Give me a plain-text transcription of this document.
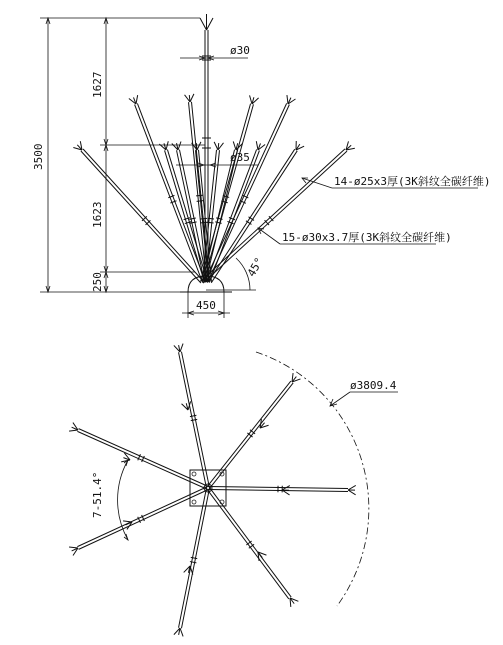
3500
1627
1623
250
450
ø30
ø35
45°
14-ø25x3厚(3K斜纹全碳纤维)
15-ø30x3.7厚(3K斜纹全碳纤维)
ø3809.4
7-51.4°
